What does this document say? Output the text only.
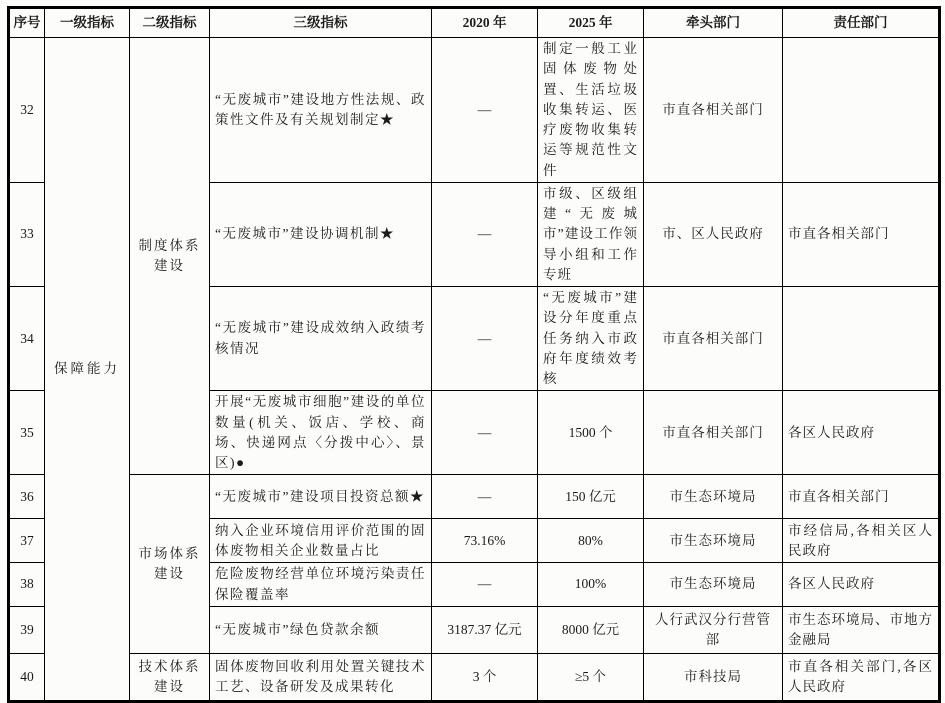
序号	一级指标	二级指标	三级指标	2020 年	2025 年	牵头部门	责任部门
32	保障能力	制度体系建设	“无废城市”建设地方性法规、政策性文件及有关规划制定★	—	制定一般工业固体废物处置、生活垃圾收集转运、医疗废物收集转运等规范性文件	市直各相关部门	
33			“无废城市”建设协调机制★	—	市级、区级组建“无废城市”建设工作领导小组和工作专班	市、区人民政府	市直各相关部门
34			“无废城市”建设成效纳入政绩考核情况	—	“无废城市”建设分年度重点任务纳入市政府年度绩效考核	市直各相关部门	
35			开展“无废城市细胞”建设的单位数量(机关、饭店、学校、商场、快递网点〈分拨中心〉、景区)●	—	1500 个	市直各相关部门	各区人民政府
36		市场体系建设	“无废城市”建设项目投资总额★	—	150 亿元	市生态环境局	市直各相关部门
37			纳入企业环境信用评价范围的固体废物相关企业数量占比	73.16%	80%	市生态环境局	市经信局,各相关区人民政府
38			危险废物经营单位环境污染责任保险覆盖率	—	100%	市生态环境局	各区人民政府
39			“无废城市”绿色贷款余额	3187.37 亿元	8000 亿元	人行武汉分行营管部	市生态环境局、市地方金融局
40		技术体系建设	固体废物回收利用处置关键技术工艺、设备研发及成果转化	3 个	≥5 个	市科技局	市直各相关部门,各区人民政府
